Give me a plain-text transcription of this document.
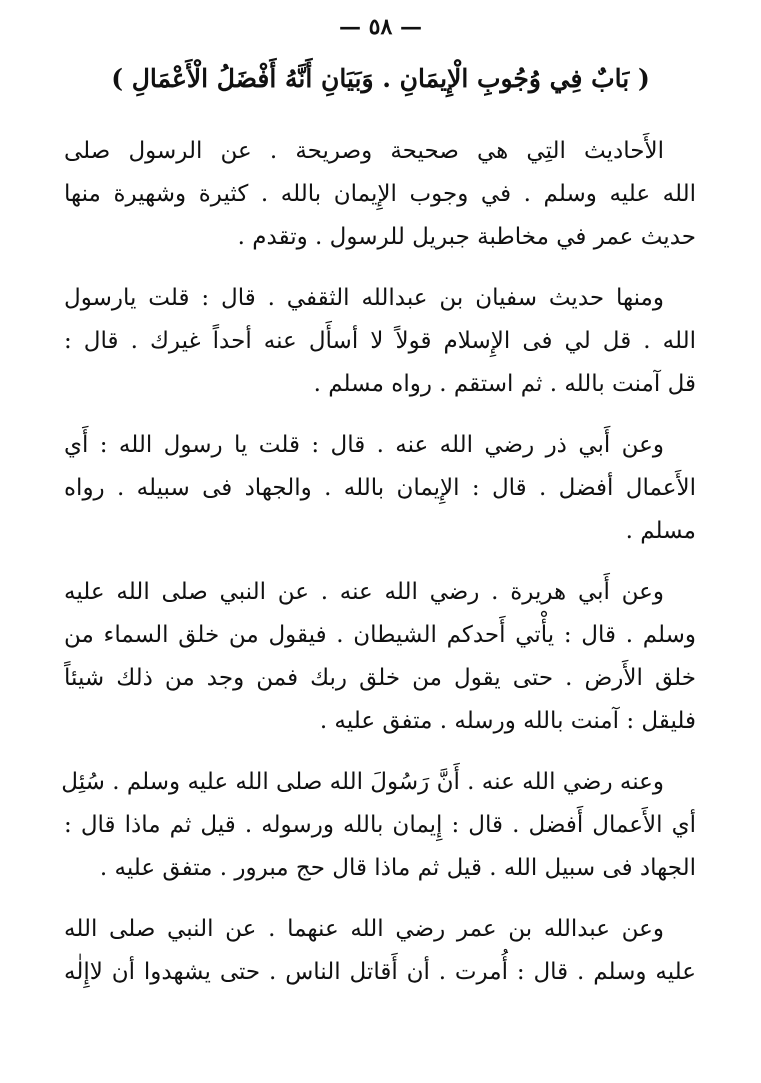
— ٥٨ —
( بَابٌ فِي وُجُوبِ الْإِيمَانِ . وَبَيَانِ أَنَّهُ أَفْضَلُ الْأَعْمَالِ )
الأَحاديث التِي هي صحيحة وصريحة . عن الرسول صلى
الله عليه وسلم . في وجوب الإِيمان بالله . كثيرة وشهيرة منها
حديث عمر في مخاطبة جبريل للرسول . وتقدم .
ومنها حديث سفيان بن عبدالله الثقفي . قال : قلت يارسول
الله . قل لي فى الإِسلام قولاً لا أسأَل عنه أحداً غيرك . قال :
قل آمنت بالله . ثم استقم . رواه مسلم .
وعن أَبي ذر رضي الله عنه . قال : قلت يا رسول الله : أَي
الأَعمال أفضل . قال : الإِيمان بالله . والجهاد فى سبيله . رواه
مسلم .
وعن أَبي هريرة . رضي الله عنه . عن النبي صلى الله عليه
وسلم . قال : يأْتي أَحدكم الشيطان . فيقول من خلق السماء من
خلق الأَرض . حتى يقول من خلق ربك فمن وجد من ذلك شيئاً
فليقل : آمنت بالله ورسله . متفق عليه .
وعنه رضي الله عنه . أَنَّ رَسُولَ الله صلى الله عليه وسلم . سُئِل
أي الأَعمال أَفضل . قال : إِيمان بالله ورسوله . قيل ثم ماذا قال :
الجهاد فى سبيل الله . قيل ثم ماذا قال حج مبرور . متفق عليه .
وعن عبدالله بن عمر رضي الله عنهما . عن النبي صلى الله
عليه وسلم . قال : أُمرت . أن أَقاتل الناس . حتى يشهدوا أن لاإِلٰه
